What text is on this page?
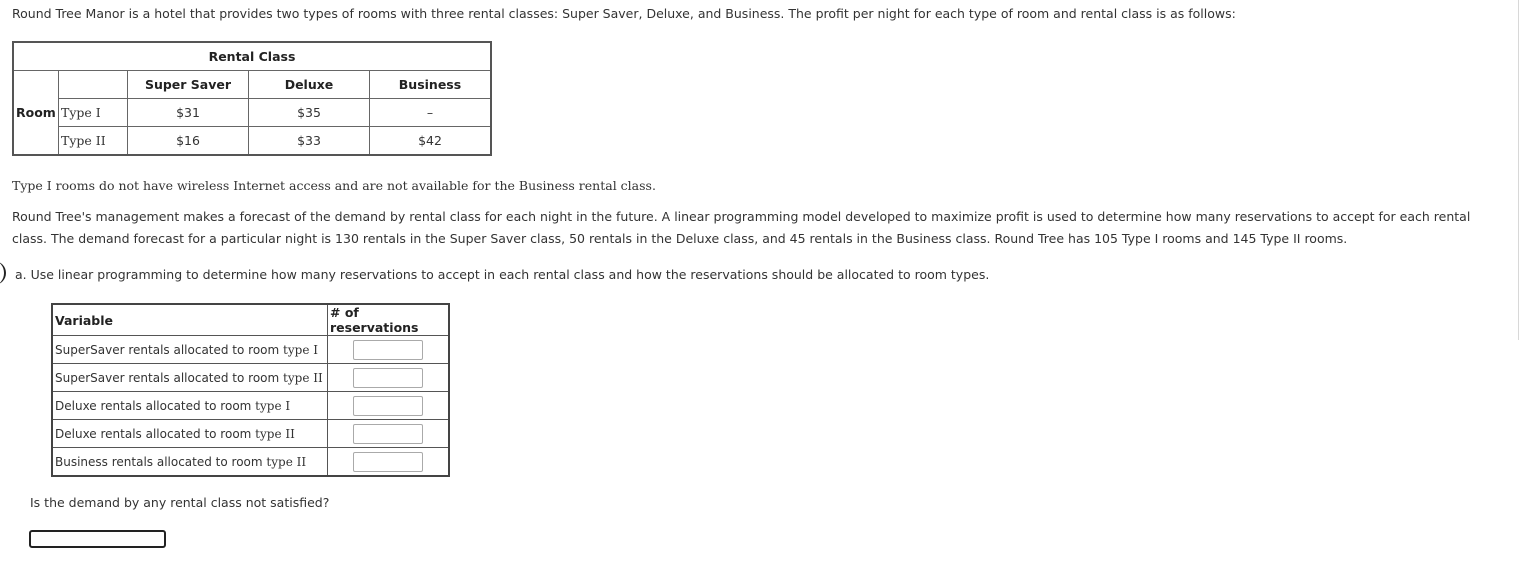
Round Tree Manor is a hotel that provides two types of rooms with three rental classes: Super Saver, Deluxe, and Business. The profit per night for each type of room and rental class is as follows:

Rental Class				
Room		Super Saver	Deluxe	Business
	Type I	$31	$35	–
	Type II	$16	$33	$42

Type I rooms do not have wireless Internet access and are not available for the Business rental class.

Round Tree's management makes a forecast of the demand by rental class for each night in the future. A linear programming model developed to maximize profit is used to determine how many reservations to accept for each rental class. The demand forecast for a particular night is 130 rentals in the Super Saver class, 50 rentals in the Deluxe class, and 45 rentals in the Business class. Round Tree has 105 Type I rooms and 145 Type II rooms.

a. Use linear programming to determine how many reservations to accept in each rental class and how the reservations should be allocated to room types.

Variable	# of reservations
SuperSaver rentals allocated to room type I	

SuperSaver rentals allocated to room type II	

Deluxe rentals allocated to room type I	

Deluxe rentals allocated to room type II	

Business rentals allocated to room type II	

Is the demand by any rental class not satisfied?
